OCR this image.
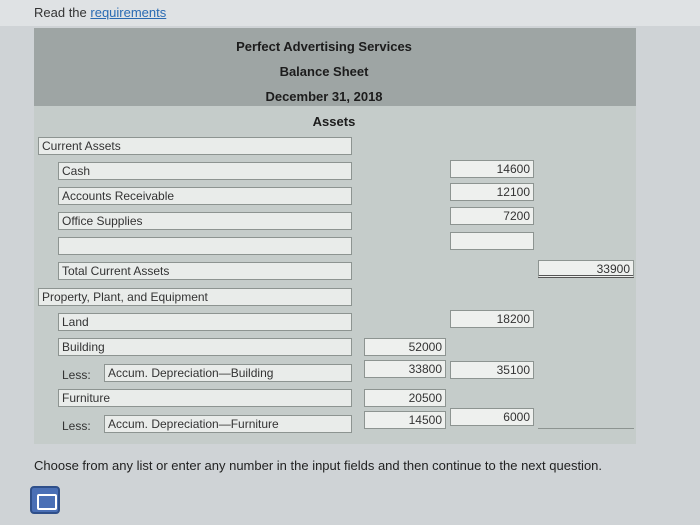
Read the requirements
Perfect Advertising Services
Balance Sheet
December 31, 2018
Assets
Current Assets
Cash
Accounts Receivable
Office Supplies
Total Current Assets
Property, Plant, and Equipment
Land
Building
Less:	Accum. Depreciation—Building
Furniture
Less:	Accum. Depreciation—Furniture
52000
33800
20500
14500
14600
12100
7200
18200
35100
6000
33900
Choose from any list or enter any number in the input fields and then continue to the next question.
